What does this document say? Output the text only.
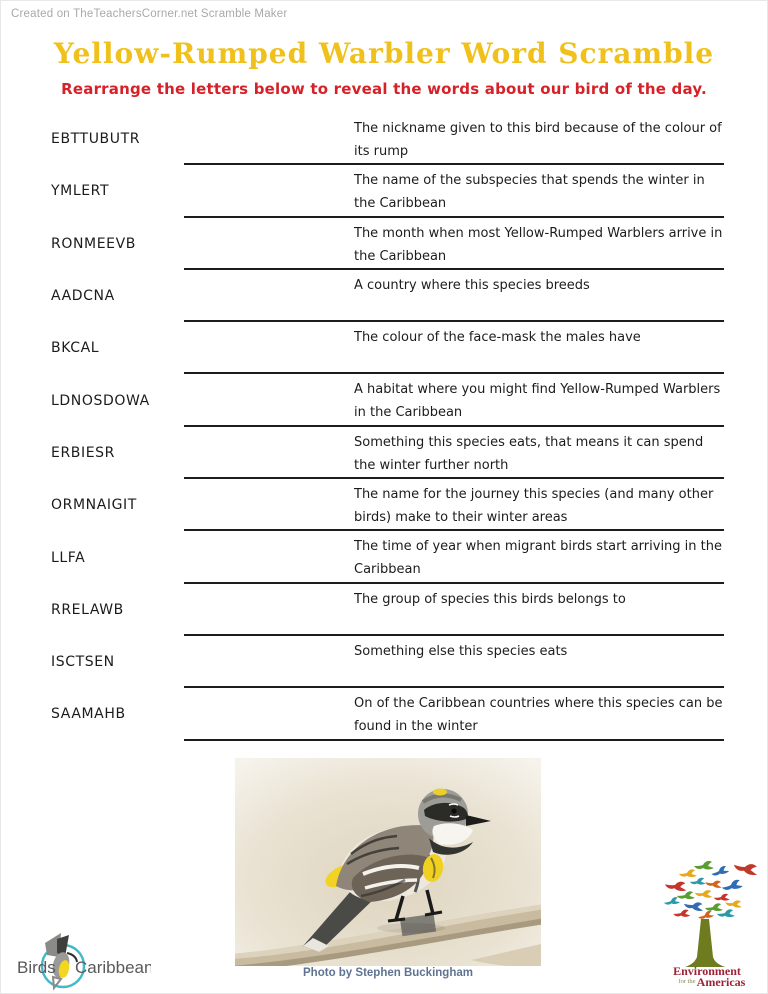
Created on TheTeachersCorner.net Scramble Maker
Yellow-Rumped Warbler Word Scramble
Rearrange the letters below to reveal the words about our bird of the day.
EBTTUBUTR
The nickname given to this bird because of the colour of its rump
YMLERT
The name of the subspecies that spends the winter in the Caribbean
RONMEEVB
The month when most Yellow-Rumped Warblers arrive in the Caribbean
AADCNA
A country where this species breeds
BKCAL
The colour of the face-mask the males have
LDNOSDOWA
A habitat where you might find Yellow-Rumped Warblers in the Caribbean
ERBIESR
Something this species eats, that means it can spend the winter further north
ORMNAIGIT
The name for the journey this species (and many other birds) make to their winter areas
LLFA
The time of year when migrant birds start arriving in the Caribbean
RRELAWB
The group of species this birds belongs to
ISCTSEN
Something else this species eats
SAAMAHB
On of the Caribbean countries where this species can be found in the winter
Photo by Stephen Buckingham
Birds Caribbean	Environment
for the Americas
